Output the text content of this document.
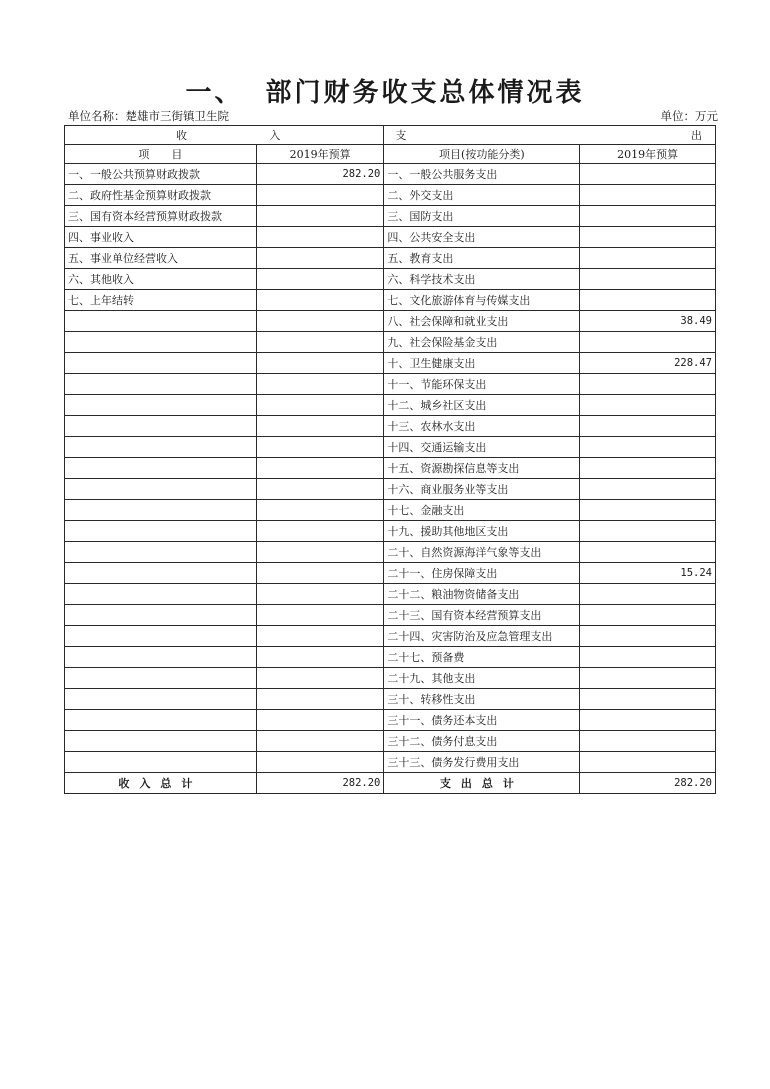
一、 部门财务收支总体情况表
单位名称：楚雄市三街镇卫生院	单位：万元
收 入		支 出	

项　　目	2019年预算	项目(按功能分类)	2019年预算
一、一般公共预算财政拨款	282.20	一、一般公共服务支出	
二、政府性基金预算财政拨款		二、外交支出	
三、国有资本经营预算财政拨款		三、国防支出	
四、事业收入		四、公共安全支出	
五、事业单位经营收入		五、教育支出	
六、其他收入		六、科学技术支出	
七、上年结转		七、文化旅游体育与传媒支出	
		八、社会保障和就业支出	38.49
		九、社会保险基金支出	
		十、卫生健康支出	228.47
		十一、节能环保支出	
		十二、城乡社区支出	
		十三、农林水支出	
		十四、交通运输支出	
		十五、资源勘探信息等支出	
		十六、商业服务业等支出	
		十七、金融支出	
		十九、援助其他地区支出	
		二十、自然资源海洋气象等支出	
		二十一、住房保障支出	15.24
		二十二、粮油物资储备支出	
		二十三、国有资本经营预算支出	
		二十四、灾害防治及应急管理支出	
		二十七、预备费	
		二十九、其他支出	
		三十、转移性支出	
		三十一、债务还本支出	
		三十二、债务付息支出	
		三十三、债务发行费用支出	
收入总计	282.20	支出总计	282.20
